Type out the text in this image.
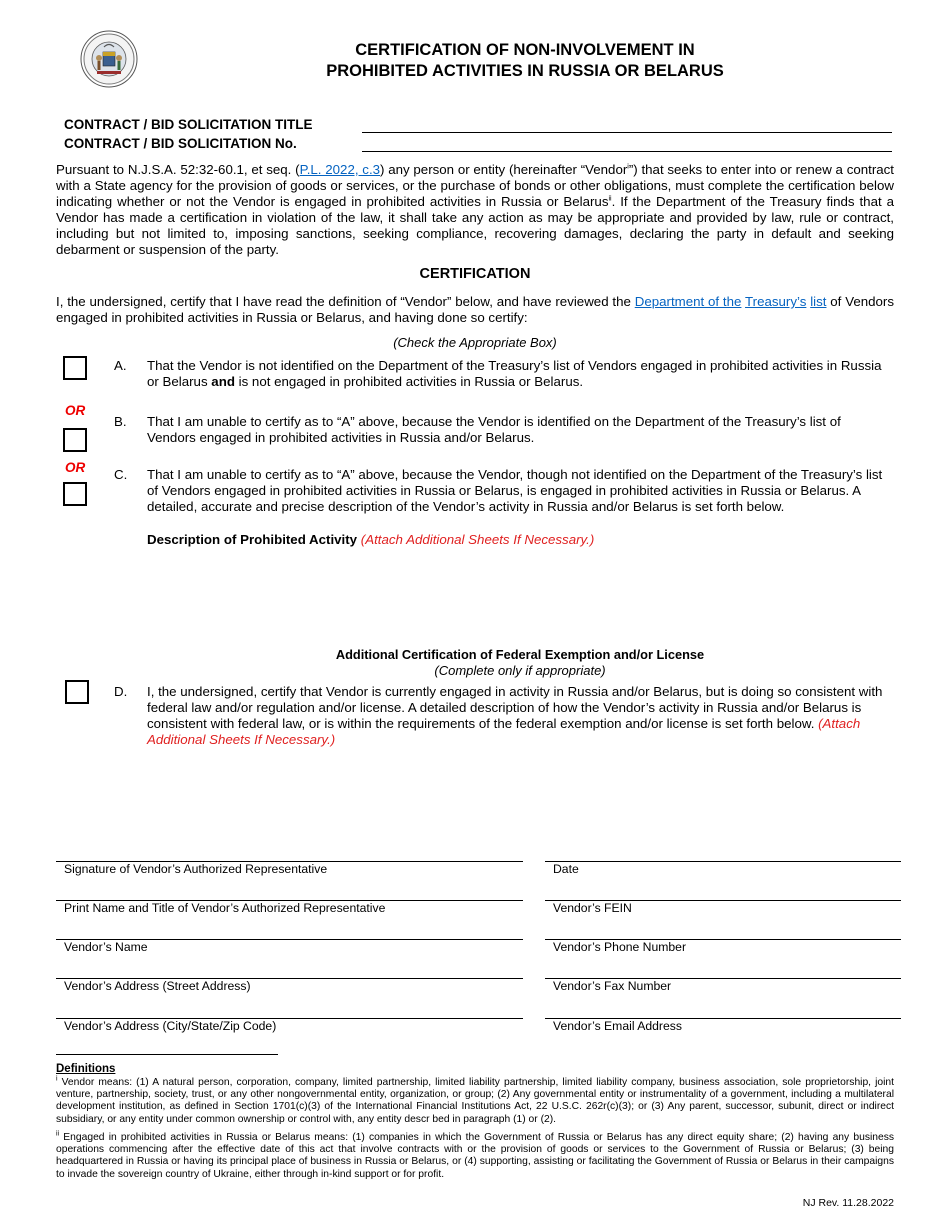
CERTIFICATION OF NON-INVOLVEMENT IN
PROHIBITED ACTIVITIES IN RUSSIA OR BELARUS
CONTRACT / BID SOLICITATION TITLE
CONTRACT / BID SOLICITATION No.
Pursuant to N.J.S.A. 52:32-60.1, et seq. (P.L. 2022, c.3) any person or entity (hereinafter “Vendor$^i$”) that seeks to enter into or renew a contract with a State agency for the provision of goods or services, or the purchase of bonds or other obligations, must complete the certification below indicating whether or not the Vendor is engaged in prohibited activities in Russia or Belarus$^{ii}$. If the Department of the Treasury finds that a Vendor has made a certification in violation of the law, it shall take any action as may be appropriate and provided by law, rule or contract, including but not limited to, imposing sanctions, seeking compliance, recovering damages, declaring the party in default and seeking debarment or suspension of the party.
CERTIFICATION
I, the undersigned, certify that I have read the definition of “Vendor” below, and have reviewed the Department of the Treasury’s list of Vendors engaged in prohibited activities in Russia or Belarus, and having done so certify:
(Check the Appropriate Box)
A. That the Vendor is not identified on the Department of the Treasury’s list of Vendors engaged in prohibited activities in Russia or Belarus and is not engaged in prohibited activities in Russia or Belarus.
OR
B. That I am unable to certify as to “A” above, because the Vendor is identified on the Department of the Treasury’s list of Vendors engaged in prohibited activities in Russia and/or Belarus.
OR C. That I am unable to certify as to “A” above, because the Vendor, though not identified on the Department of the Treasury’s list of Vendors engaged in prohibited activities in Russia or Belarus, is engaged in prohibited activities in Russia or Belarus. A detailed, accurate and precise description of the Vendor’s activity in Russia and/or Belarus is set forth below.
Description of Prohibited Activity (Attach Additional Sheets If Necessary.)
Additional Certification of Federal Exemption and/or License
(Complete only if appropriate)
D. I, the undersigned, certify that Vendor is currently engaged in activity in Russia and/or Belarus, but is doing so consistent with federal law and/or regulation and/or license. A detailed description of how the Vendor’s activity in Russia and/or Belarus is consistent with federal law, or is within the requirements of the federal exemption and/or license is set forth below. (Attach Additional Sheets If Necessary.)
Signature of Vendor’s Authorized Representative	Date
Print Name and Title of Vendor’s Authorized Representative	Vendor’s FEIN
Vendor’s Name	Vendor’s Phone Number
Vendor’s Address (Street Address)	Vendor’s Fax Number
Vendor’s Address (City/State/Zip Code)	Vendor’s Email Address
Definitions
$^i$ Vendor means: (1) A natural person, corporation, company, limited partnership, limited liability partnership, limited liability company, business association, sole proprietorship, joint venture, partnership, society, trust, or any other nongovernmental entity, organization, or group; (2) Any governmental entity or instrumentality of a government, including a multilateral development institution, as defined in Section 1701(c)(3) of the International Financial Institutions Act, 22 U.S.C. 262r(c)(3); or (3) Any parent, successor, subunit, direct or indirect subsidiary, or any entity under common ownership or control with, any entity descr bed in paragraph (1) or (2).
$^{ii}$ Engaged in prohibited activities in Russia or Belarus means: (1) companies in which the Government of Russia or Belarus has any direct equity share; (2) having any business operations commencing after the effective date of this act that involve contracts with or the provision of goods or services to the Government of Russia or Belarus; (3) being headquartered in Russia or having its principal place of business in Russia or Belarus, or (4) supporting, assisting or facilitating the Government of Russia or Belarus in their campaigns to invade the sovereign country of Ukraine, either through in-kind support or for profit.
NJ Rev. 11.28.2022
